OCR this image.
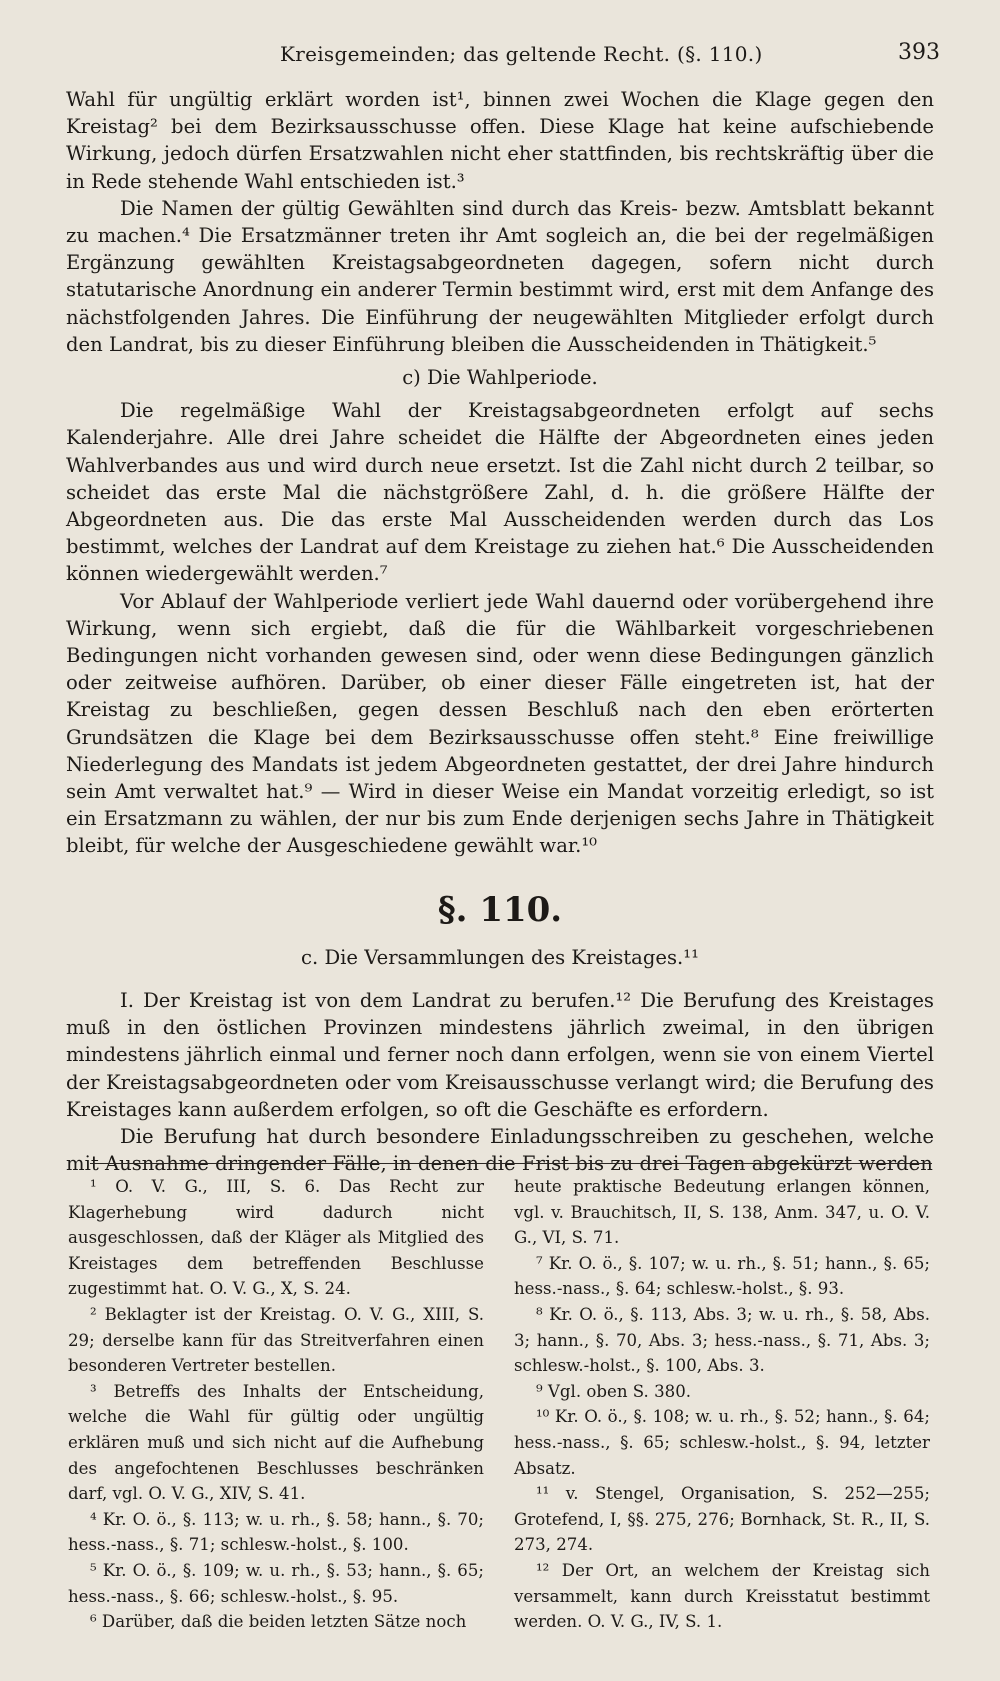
Kreisgemeinden; das geltende Recht. (§. 110.)	393

Wahl für ungültig erklärt worden ist¹, binnen zwei Wochen die Klage gegen den Kreistag² bei dem Bezirksausschusse offen. Diese Klage hat keine aufschiebende Wirkung, jedoch dürfen Ersatzwahlen nicht eher stattfinden, bis rechtskräftig über die in Rede stehende Wahl entschieden ist.³

Die Namen der gültig Gewählten sind durch das Kreis- bezw. Amtsblatt bekannt zu machen.⁴ Die Ersatzmänner treten ihr Amt sogleich an, die bei der regelmäßigen Ergänzung gewählten Kreistagsabgeordneten dagegen, sofern nicht durch statutarische Anordnung ein anderer Termin bestimmt wird, erst mit dem Anfange des nächstfolgenden Jahres. Die Einführung der neugewählten Mitglieder erfolgt durch den Landrat, bis zu dieser Einführung bleiben die Ausscheidenden in Thätigkeit.⁵

c) Die Wahlperiode.

Die regelmäßige Wahl der Kreistagsabgeordneten erfolgt auf sechs Kalenderjahre. Alle drei Jahre scheidet die Hälfte der Abgeordneten eines jeden Wahlverbandes aus und wird durch neue ersetzt. Ist die Zahl nicht durch 2 teilbar, so scheidet das erste Mal die nächstgrößere Zahl, d. h. die größere Hälfte der Abgeordneten aus. Die das erste Mal Ausscheidenden werden durch das Los bestimmt, welches der Landrat auf dem Kreistage zu ziehen hat.⁶ Die Ausscheidenden können wiedergewählt werden.⁷

Vor Ablauf der Wahlperiode verliert jede Wahl dauernd oder vorübergehend ihre Wirkung, wenn sich ergiebt, daß die für die Wählbarkeit vorgeschriebenen Bedingungen nicht vorhanden gewesen sind, oder wenn diese Bedingungen gänzlich oder zeitweise aufhören. Darüber, ob einer dieser Fälle eingetreten ist, hat der Kreistag zu beschließen, gegen dessen Beschluß nach den eben erörterten Grundsätzen die Klage bei dem Bezirksausschusse offen steht.⁸ Eine freiwillige Niederlegung des Mandats ist jedem Abgeordneten gestattet, der drei Jahre hindurch sein Amt verwaltet hat.⁹ — Wird in dieser Weise ein Mandat vorzeitig erledigt, so ist ein Ersatzmann zu wählen, der nur bis zum Ende derjenigen sechs Jahre in Thätigkeit bleibt, für welche der Ausgeschiedene gewählt war.¹⁰

§. 110.

c. Die Versammlungen des Kreistages.¹¹

I. Der Kreistag ist von dem Landrat zu berufen.¹² Die Berufung des Kreistages muß in den östlichen Provinzen mindestens jährlich zweimal, in den übrigen mindestens jährlich einmal und ferner noch dann erfolgen, wenn sie von einem Viertel der Kreistagsabgeordneten oder vom Kreisausschusse verlangt wird; die Berufung des Kreistages kann außerdem erfolgen, so oft die Geschäfte es erfordern.

Die Berufung hat durch besondere Einladungsschreiben zu geschehen, welche mit Ausnahme dringender Fälle, in denen die Frist bis zu drei Tagen abgekürzt werden

¹ O. V. G., III, S. 6. Das Recht zur Klagerhebung wird dadurch nicht ausgeschlossen, daß der Kläger als Mitglied des Kreistages dem betreffenden Beschlusse zugestimmt hat. O. V. G., X, S. 24.

² Beklagter ist der Kreistag. O. V. G., XIII, S. 29; derselbe kann für das Streitverfahren einen besonderen Vertreter bestellen.

³ Betreffs des Inhalts der Entscheidung, welche die Wahl für gültig oder ungültig erklären muß und sich nicht auf die Aufhebung des angefochtenen Beschlusses beschränken darf, vgl. O. V. G., XIV, S. 41.

⁴ Kr. O. ö., §. 113; w. u. rh., §. 58; hann., §. 70; hess.-nass., §. 71; schlesw.-holst., §. 100.

⁵ Kr. O. ö., §. 109; w. u. rh., §. 53; hann., §. 65; hess.-nass., §. 66; schlesw.-holst., §. 95.

⁶ Darüber, daß die beiden letzten Sätze noch

heute praktische Bedeutung erlangen können, vgl. v. Brauchitsch, II, S. 138, Anm. 347, u. O. V. G., VI, S. 71.

⁷ Kr. O. ö., §. 107; w. u. rh., §. 51; hann., §. 65; hess.-nass., §. 64; schlesw.-holst., §. 93.

⁸ Kr. O. ö., §. 113, Abs. 3; w. u. rh., §. 58, Abs. 3; hann., §. 70, Abs. 3; hess.-nass., §. 71, Abs. 3; schlesw.-holst., §. 100, Abs. 3.

⁹ Vgl. oben S. 380.

¹⁰ Kr. O. ö., §. 108; w. u. rh., §. 52; hann., §. 64; hess.-nass., §. 65; schlesw.-holst., §. 94, letzter Absatz.

¹¹ v. Stengel, Organisation, S. 252—255; Grotefend, I, §§. 275, 276; Bornhack, St. R., II, S. 273, 274.

¹² Der Ort, an welchem der Kreistag sich versammelt, kann durch Kreisstatut bestimmt werden. O. V. G., IV, S. 1.
